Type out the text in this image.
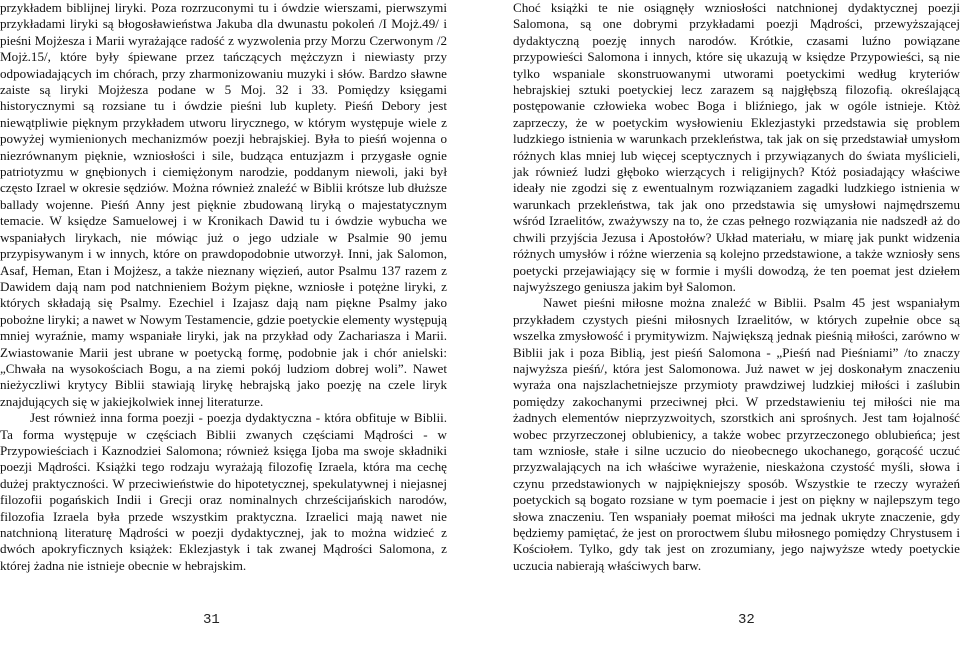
przykładem biblijnej liryki. Poza rozrzuconymi tu i ówdzie wierszami, pierwszymi przykładami liryki są błogosławieństwa Jakuba dla dwunastu pokoleń /I Mojż.49/ i pieśni Mojżesza i Marii wyrażające radość z wyzwolenia przy Morzu Czerwonym /2 Mojż.15/, które były śpiewane przez tańczących mężczyzn i niewiasty przy odpowiadających im chórach, przy zharmonizowaniu muzyki i słów. Bardzo sławne zaiste są liryki Mojżesza podane w 5 Moj. 32 i 33. Pomiędzy księgami historycznymi są rozsiane tu i ówdzie pieśni lub kuplety. Pieśń Debory jest niewątpliwie pięknym przykładem utworu lirycznego, w którym występuje wiele z powyżej wymienionych mechanizmów poezji hebrajskiej. Była to pieśń wojenna o niezrównanym pięknie, wzniosłości i sile, budząca entuzjazm i przygasłe ognie patriotyzmu w gnębionych i ciemiężonym narodzie, poddanym niewoli, jaki był często Izrael w okresie sędziów. Można również znaleźć w Biblii krótsze lub dłuższe ballady wojenne. Pieśń Anny jest pięknie zbudowaną liryką o majestatycznym temacie. W księdze Samuelowej i w Kronikach Dawid tu i ówdzie wybucha we wspaniałych lirykach, nie mówiąc już o jego udziale w Psalmie 90 jemu przypisywanym i w innych, które on prawdopodobnie utworzył. Inni, jak Salomon, Asaf, Heman, Etan i Mojżesz, a także nieznany więzień, autor Psalmu 137 razem z Dawidem dają nam pod natchnieniem Bożym piękne, wzniosłe i potężne liryki, z których składają się Psalmy. Ezechiel i Izajasz dają nam piękne Psalmy jako pobożne liryki; a nawet w Nowym Testamencie, gdzie poetyckie elementy występują mniej wyraźnie, mamy wspaniałe liryki, jak na przykład ody Zachariasza i Marii. Zwiastowanie Marii jest ubrane w poetycką formę, podobnie jak i chór anielski: „Chwała na wysokościach Bogu, a na ziemi pokój ludziom dobrej woli”. Nawet nieżyczliwi krytycy Biblii stawiają lirykę hebrajską jako poezję na czele liryk znajdujących się w jakiejkolwiek innej literaturze.

Jest również inna forma poezji - poezja dydaktyczna - która obfituje w Biblii. Ta forma występuje w częściach Biblii zwanych częściami Mądrości - w Przypowieściach i Kaznodziei Salomona; również księga Ijoba ma swoje składniki poezji Mądrości. Książki tego rodzaju wyrażają filozofię Izraela, która ma cechę dużej praktyczności. W przeciwieństwie do hipotetycznej, spekulatywnej i niejasnej filozofii pogańskich Indii i Grecji oraz nominalnych chrześcijańskich narodów, filozofia Izraela była przede wszystkim praktyczna. Izraelici mają nawet nie natchnioną literaturę Mądrości w poezji dydaktycznej, jak to można widzieć z dwóch apokryficznych książek: Eklezjastyk i tak zwanej Mądrości Salomona, z której żadna nie istnieje obecnie w hebrajskim.

Choć książki te nie osiągnęły wzniosłości natchnionej dydaktycznej poezji Salomona, są one dobrymi przykładami poezji Mądrości, przewyższającej dydaktyczną poezję innych narodów. Krótkie, czasami luźno powiązane przypowieści Salomona i innych, które się ukazują w księdze Przypowieści, są nie tylko wspaniale skonstruowanymi utworami poetyckimi według kryteriów hebrajskiej sztuki poetyckiej lecz zarazem są najgłębszą filozofią. określającą postępowanie człowieka wobec Boga i bliźniego, jak w ogóle istnieje. Ktòż zaprzeczy, że w poetyckim wysłowieniu Eklezjastyki przedstawia się problem ludzkiego istnienia w warunkach przekleństwa, tak jak on się przedstawiał umysłom różnych klas mniej lub więcej sceptycznych i przywiązanych do świata myślicieli, jak równieź ludzi głęboko wierzących i religijnych? Któż posiadający właściwe ideały nie zgodzi się z ewentualnym rozwiązaniem zagadki ludzkiego istnienia w warunkach przekleństwa, tak jak ono przedstawia się umysłowi najmędrszemu wśród Izraelitów, zważywszy na to, że czas pełnego rozwiązania nie nadszedł aż do chwili przyjścia Jezusa i Apostołów? Układ materiału, w miarę jak punkt widzenia różnych umysłów i różne wierzenia są kolejno przedstawione, a także wzniosły sens poetycki przejawiający się w formie i myśli dowodzą, że ten poemat jest dziełem najwyższego geniusza jakim był Salomon.

Nawet pieśni miłosne można znaleźć w Biblii. Psalm 45 jest wspaniałym przykładem czystych pieśni miłosnych Izraelitów, w których zupełnie obce są wszelka zmysłowość i prymitywizm. Największą jednak pieśnią miłości, zarówno w Biblii jak i poza Biblią, jest pieśń Salomona - „Pieśń nad Pieśniami” /to znaczy najwyższa pieśń/, która jest Salomonowa. Już nawet w jej doskonałym znaczeniu wyraża ona najszlachetniejsze przymioty prawdziwej ludzkiej miłości i zaślubin pomiędzy zakochanymi przeciwnej płci. W przedstawieniu tej miłości nie ma żadnych elementów nieprzyzwoitych, szorstkich ani sprośnych. Jest tam łojalność wobec przyrzeczonej oblubienicy, a także wobec przyrzeczonego oblubieńca; jest tam wzniosłe, stałe i silne uczucio do nieobecnego ukochanego, gorącość uczuć przyzwalających na ich właściwe wyrażenie, nieskażona czystość myśli, słowa i czynu przedstawionych w najpiękniejszy sposób. Wszystkie te rzeczy wyrażeń poetyckich są bogato rozsiane w tym poemacie i jest on piękny w najlepszym tego słowa znaczeniu. Ten wspaniały poemat miłości ma jednak ukryte znaczenie, gdy będziemy pamiętać, że jest on proroctwem ślubu miłosnego pomiędzy Chrystusem i Kościołem. Tylko, gdy tak jest on zrozumiany, jego najwyższe wtedy poetyckie uczucia nabierają właściwych barw.

31	32
